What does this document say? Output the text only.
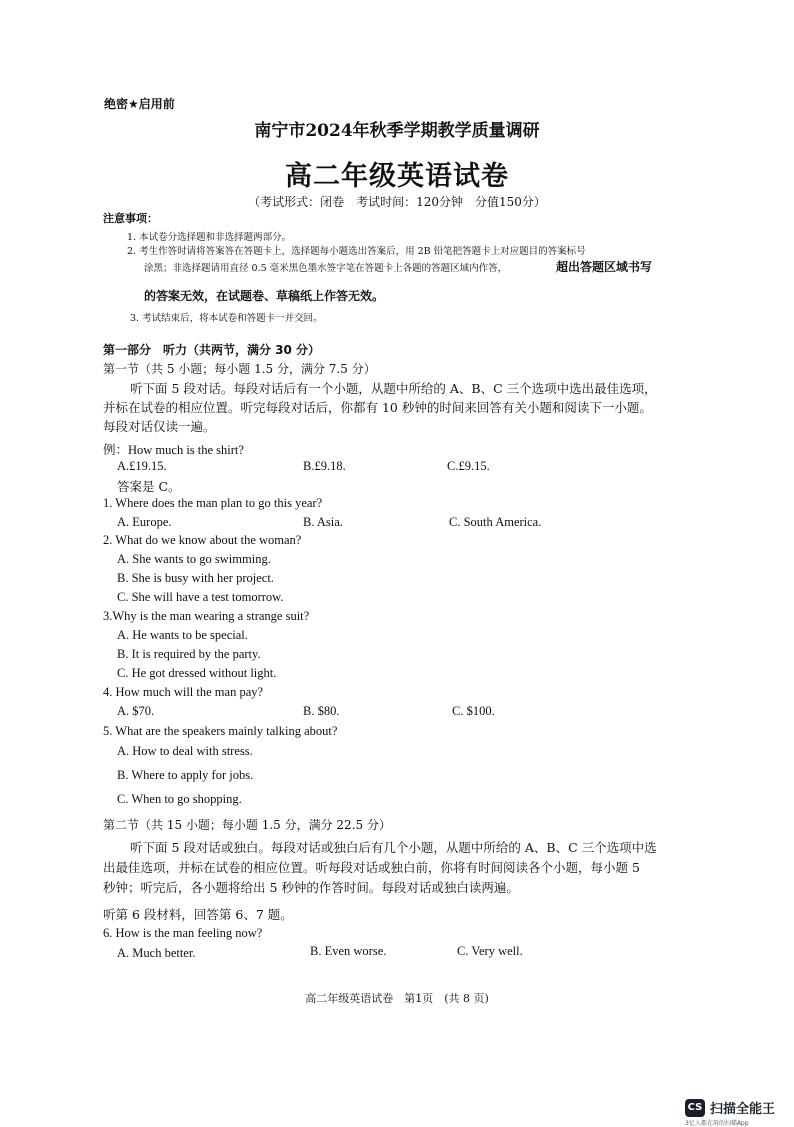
绝密★启用前
南宁市2024年秋季学期教学质量调研
高二年级英语试卷
（考试形式：闭卷　考试时间：120分钟　分值150分）
注意事项：
1. 本试卷分选择题和非选择题两部分。
2. 考生作答时请将答案答在答题卡上，选择题每小题选出答案后，用 2B 铅笔把答题卡上对应题目的答案标号
涂黑；非选择题请用直径 0.5 毫米黑色墨水签字笔在答题卡上各题的答题区域内作答，	超出答题区域书写
的答案无效，在试题卷、草稿纸上作答无效。
3. 考试结束后，将本试卷和答题卡一并交回。
第一部分　听力（共两节，满分 30 分）
第一节（共 5 小题；每小题 1.5 分，满分 7.5 分）
听下面 5 段对话。每段对话后有一个小题，从题中所给的 A、B、C 三个选项中选出最佳选项，
并标在试卷的相应位置。听完每段对话后，你都有 10 秒钟的时间来回答有关小题和阅读下一小题。
每段对话仅读一遍。
例：How much is the shirt?
A.£19.15.	B.£9.18.	C.£9.15.
答案是 C。
1. Where does the man plan to go this year?
A. Europe.	B. Asia.	C. South America.
2. What do we know about the woman?
A. She wants to go swimming.
B. She is busy with her project.
C. She will have a test tomorrow.
3.Why is the man wearing a strange suit?
A. He wants to be special.
B. It is required by the party.
C. He got dressed without light.
4. How much will the man pay?
A. $70.	B. $80.	C. $100.
5. What are the speakers mainly talking about?
A. How to deal with stress.
B. Where to apply for jobs.
C. When to go shopping.
第二节（共 15 小题；每小题 1.5 分，满分 22.5 分）
听下面 5 段对话或独白。每段对话或独白后有几个小题，从题中所给的 A、B、C 三个选项中选
出最佳选项，并标在试卷的相应位置。听每段对话或独白前，你将有时间阅读各个小题，每小题 5
秒钟；听完后，各小题将给出 5 秒钟的作答时间。每段对话或独白读两遍。
听第 6 段材料，回答第 6、7 题。
6. How is the man feeling now?
A. Much better.	B. Even worse.	C. Very well.
高二年级英语试卷　第1页　(共 8 页)
CS 扫描全能王
3亿人都在用的扫描App
